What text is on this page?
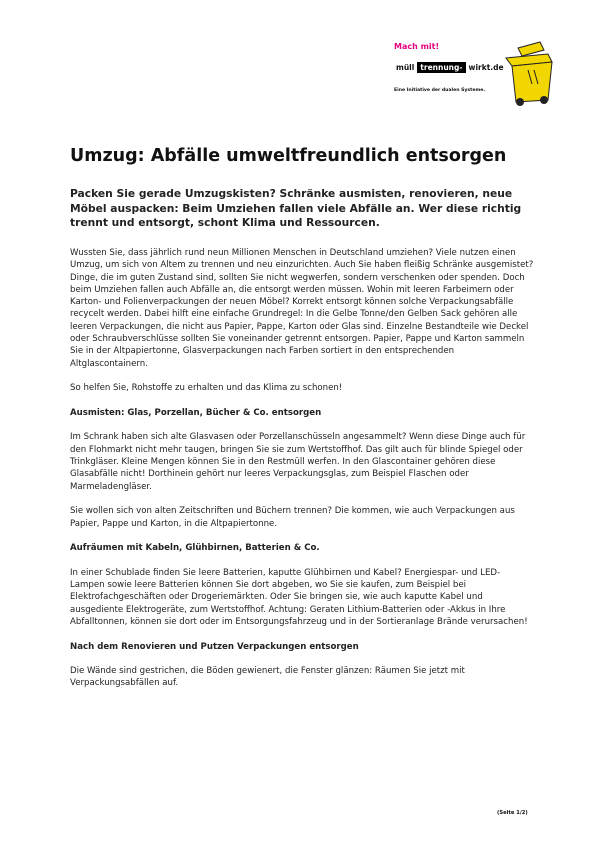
Mach mit!
müll trennung- wirkt.de
Eine Initiative der dualen Systeme.
Umzug: Abfälle umweltfreundlich entsorgen

Packen Sie gerade Umzugskisten? Schränke ausmisten, renovieren, neue Möbel auspacken: Beim Umziehen fallen viele Abfälle an. Wer diese richtig trennt und entsorgt, schont Klima und Ressourcen.

Wussten Sie, dass jährlich rund neun Millionen Menschen in Deutschland umziehen? Viele nutzen einen Umzug, um sich von Altem zu trennen und neu einzurichten. Auch Sie haben fleißig Schränke ausgemistet? Dinge, die im guten Zustand sind, sollten Sie nicht wegwerfen, sondern verschenken oder spenden. Doch beim Umziehen fallen auch Abfälle an, die entsorgt werden müssen. Wohin mit leeren Farbeimern oder Karton- und Folienverpackungen der neuen Möbel? Korrekt entsorgt können solche Verpackungsabfälle recycelt werden. Dabei hilft eine einfache Grundregel: In die Gelbe Tonne/den Gelben Sack gehören alle leeren Verpackungen, die nicht aus Papier, Pappe, Karton oder Glas sind. Einzelne Bestandteile wie Deckel oder Schraubverschlüsse sollten Sie voneinander getrennt entsorgen. Papier, Pappe und Karton sammeln Sie in der Altpapiertonne, Glasverpackungen nach Farben sortiert in den entsprechenden Altglascontainern.

So helfen Sie, Rohstoffe zu erhalten und das Klima zu schonen!

Ausmisten: Glas, Porzellan, Bücher & Co. entsorgen

Im Schrank haben sich alte Glasvasen oder Porzellanschüsseln angesammelt? Wenn diese Dinge auch für den Flohmarkt nicht mehr taugen, bringen Sie sie zum Wertstoffhof. Das gilt auch für blinde Spiegel oder Trinkgläser. Kleine Mengen können Sie in den Restmüll werfen. In den Glascontainer gehören diese Glasabfälle nicht! Dorthinein gehört nur leeres Verpackungsglas, zum Beispiel Flaschen oder Marmeladengläser.

Sie wollen sich von alten Zeitschriften und Büchern trennen? Die kommen, wie auch Verpackungen aus Papier, Pappe und Karton, in die Altpapiertonne.

Aufräumen mit Kabeln, Glühbirnen, Batterien & Co.

In einer Schublade finden Sie leere Batterien, kaputte Glühbirnen und Kabel? Energiespar- und LED-Lampen sowie leere Batterien können Sie dort abgeben, wo Sie sie kaufen, zum Beispiel bei Elektrofachgeschäften oder Drogeriemärkten. Oder Sie bringen sie, wie auch kaputte Kabel und ausgediente Elektrogeräte, zum Wertstoffhof. Achtung: Geraten Lithium-Batterien oder -Akkus in Ihre Abfalltonnen, können sie dort oder im Entsorgungsfahrzeug und in der Sortieranlage Brände verursachen!

Nach dem Renovieren und Putzen Verpackungen entsorgen

Die Wände sind gestrichen, die Böden gewienert, die Fenster glänzen: Räumen Sie jetzt mit Verpackungsabfällen auf.

(Seite 1/2)
